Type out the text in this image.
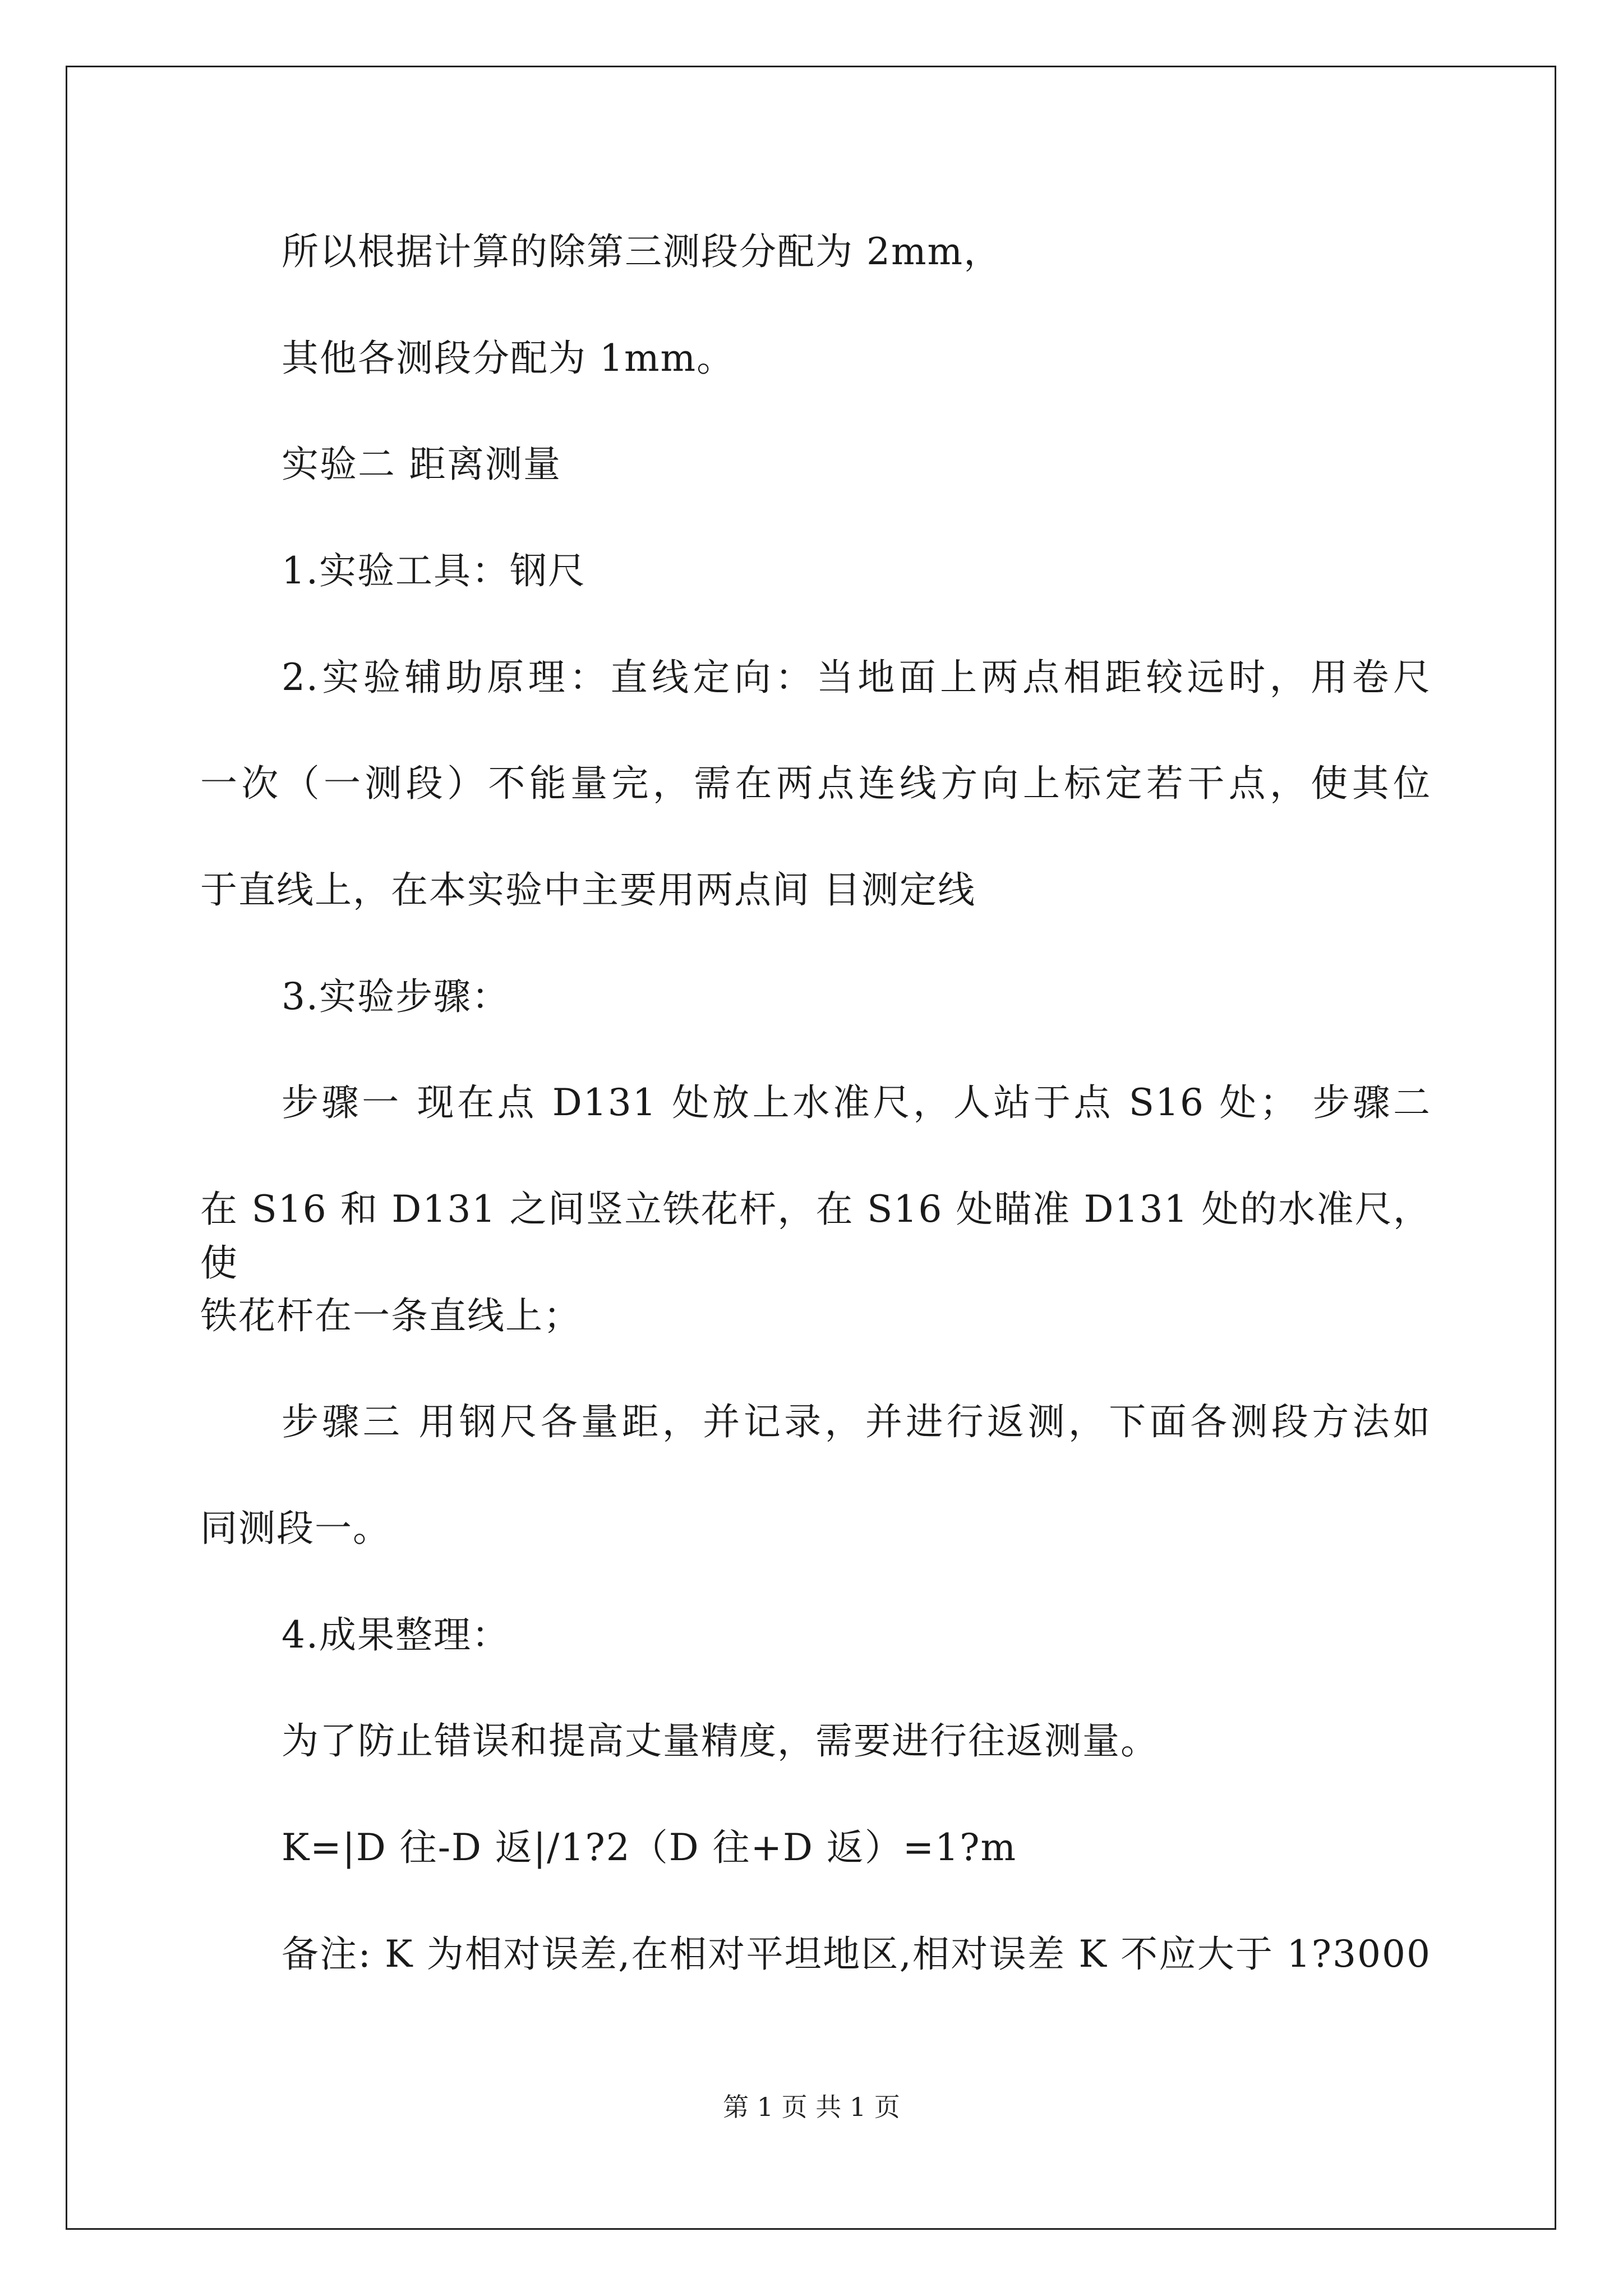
所以根据计算的除第三测段分配为 2mm，
其他各测段分配为 1mm。
实验二 距离测量
1.实验工具：钢尺
2.实验辅助原理：直线定向：当地面上两点相距较远时，用卷尺
一次（一测段）不能量完，需在两点连线方向上标定若干点，使其位
于直线上，在本实验中主要用两点间 目测定线
3.实验步骤：
步骤一 现在点 D131 处放上水准尺，人站于点 S16 处； 步骤二
在 S16 和 D131 之间竖立铁花杆，在 S16 处瞄准 D131 处的水准尺，使
铁花杆在一条直线上；
步骤三 用钢尺各量距，并记录，并进行返测，下面各测段方法如
同测段一。
4.成果整理：
为了防止错误和提高丈量精度，需要进行往返测量。
K=|D 往-D 返|/1?2（D 往+D 返）=1?m
备注: K 为相对误差,在相对平坦地区,相对误差 K 不应大于 1?3000
第 1 页 共 1 页
